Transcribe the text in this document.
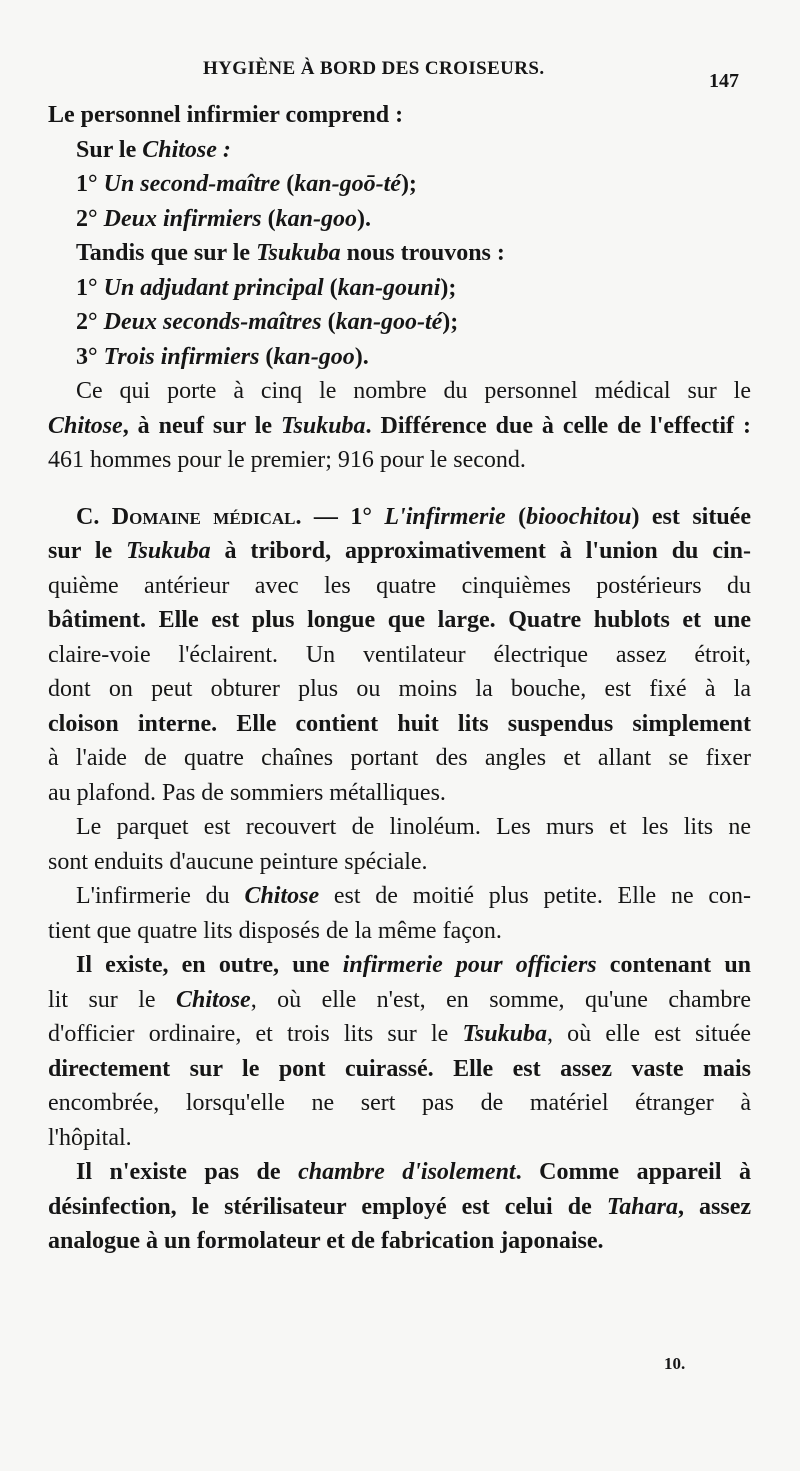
HYGIÈNE À BORD DES CROISEURS.
147
Le personnel infirmier comprend :
Sur le Chitose :
1° Un second-maître (kan-goō-té);
2° Deux infirmiers (kan-goo).
Tandis que sur le Tsukuba nous trouvons :
1° Un adjudant principal (kan-gouni);
2° Deux seconds-maîtres (kan-goo-té);
3° Trois infirmiers (kan-goo).
Ce qui porte à cinq le nombre du personnel médical sur le
Chitose, à neuf sur le Tsukuba. Différence due à celle de l'effectif :
461 hommes pour le premier; 916 pour le second.
C. Domaine médical. — 1° L'infirmerie (bioochitou) est située
sur le Tsukuba à tribord, approximativement à l'union du cin-
quième antérieur avec les quatre cinquièmes postérieurs du
bâtiment. Elle est plus longue que large. Quatre hublots et une
claire-voie l'éclairent. Un ventilateur électrique assez étroit,
dont on peut obturer plus ou moins la bouche, est fixé à la
cloison interne. Elle contient huit lits suspendus simplement
à l'aide de quatre chaînes portant des angles et allant se fixer
au plafond. Pas de sommiers métalliques.
Le parquet est recouvert de linoléum. Les murs et les lits ne
sont enduits d'aucune peinture spéciale.
L'infirmerie du Chitose est de moitié plus petite. Elle ne con-
tient que quatre lits disposés de la même façon.
Il existe, en outre, une infirmerie pour officiers contenant un
lit sur le Chitose, où elle n'est, en somme, qu'une chambre
d'officier ordinaire, et trois lits sur le Tsukuba, où elle est située
directement sur le pont cuirassé. Elle est assez vaste mais
encombrée, lorsqu'elle ne sert pas de matériel étranger à
l'hôpital.
Il n'existe pas de chambre d'isolement. Comme appareil à
désinfection, le stérilisateur employé est celui de Tahara, assez
analogue à un formolateur et de fabrication japonaise.
10.
